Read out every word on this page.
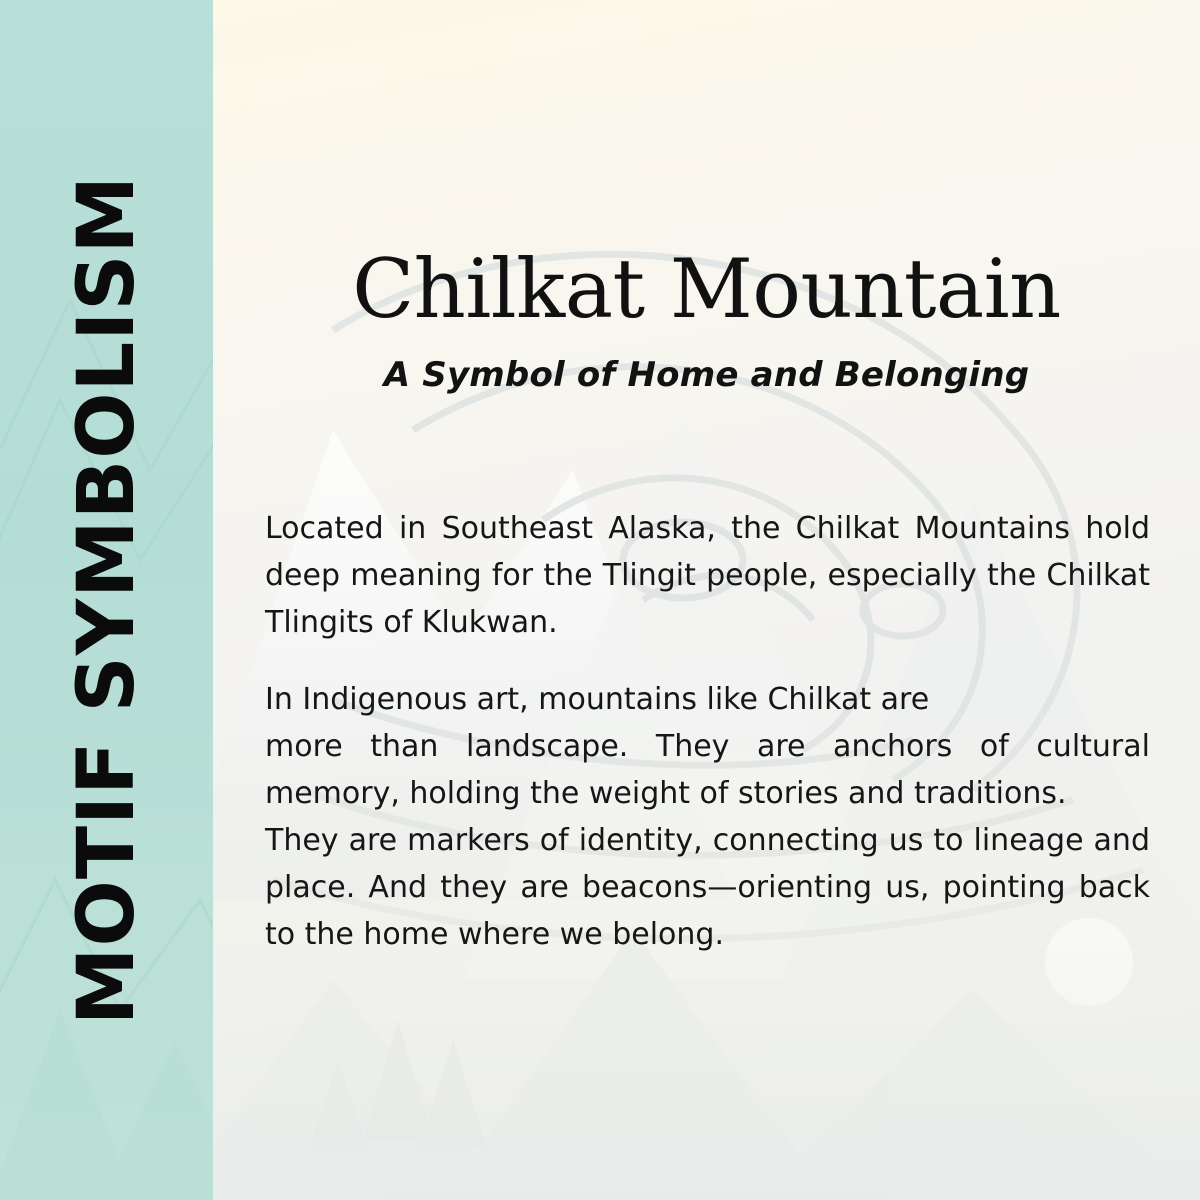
MOTIF SYMBOLISM	Chilkat Mountain
A Symbol of Home and Belonging

Located in Southeast Alaska, the Chilkat Mountains hold deep meaning for the Tlingit people, especially the Chilkat Tlingits of Klukwan.

In Indigenous art, mountains like Chilkat are

more than landscape. They are anchors of cultural memory, holding the weight of stories and traditions.

They are markers of identity, connecting us to lineage and place. And they are beacons—orienting us, pointing back to the home where we belong.
